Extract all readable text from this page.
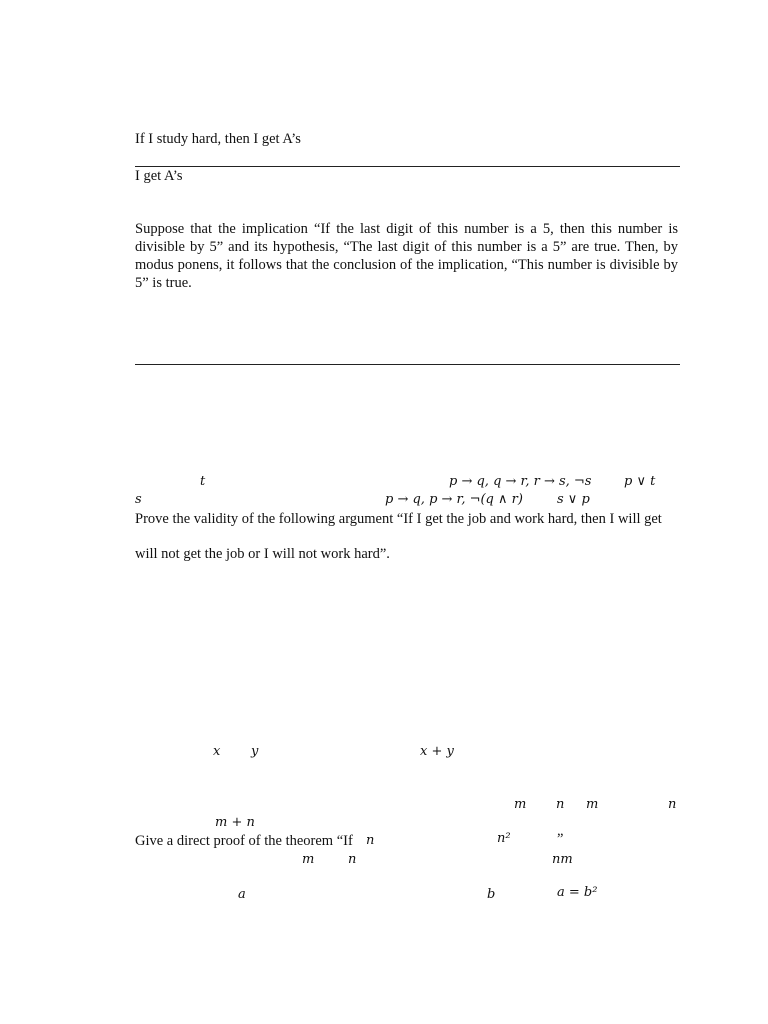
If I study hard, then I get A’s
I get A’s
Suppose that the implication “If the last digit of this number is a 5, then this number is divisible by 5” and its hypothesis, “The last digit of this number is a 5” are true. Then, by modus ponens, it follows that the conclusion of the implication, “This number is divisible by 5” is true.
t	p → q, q → r, r → s, ¬s	p ∨ t
s	p → q, p → r, ¬(q ∧ r)	s ∨ p
Prove the validity of the following argument “If I get the job and work hard, then I will get
will not get the job or I will not work hard”.
x y	x + y
m n m	n
m + n
Give a direct proof of the theorem “If n	n²	”
m	n	nm
a	b	a = b²
